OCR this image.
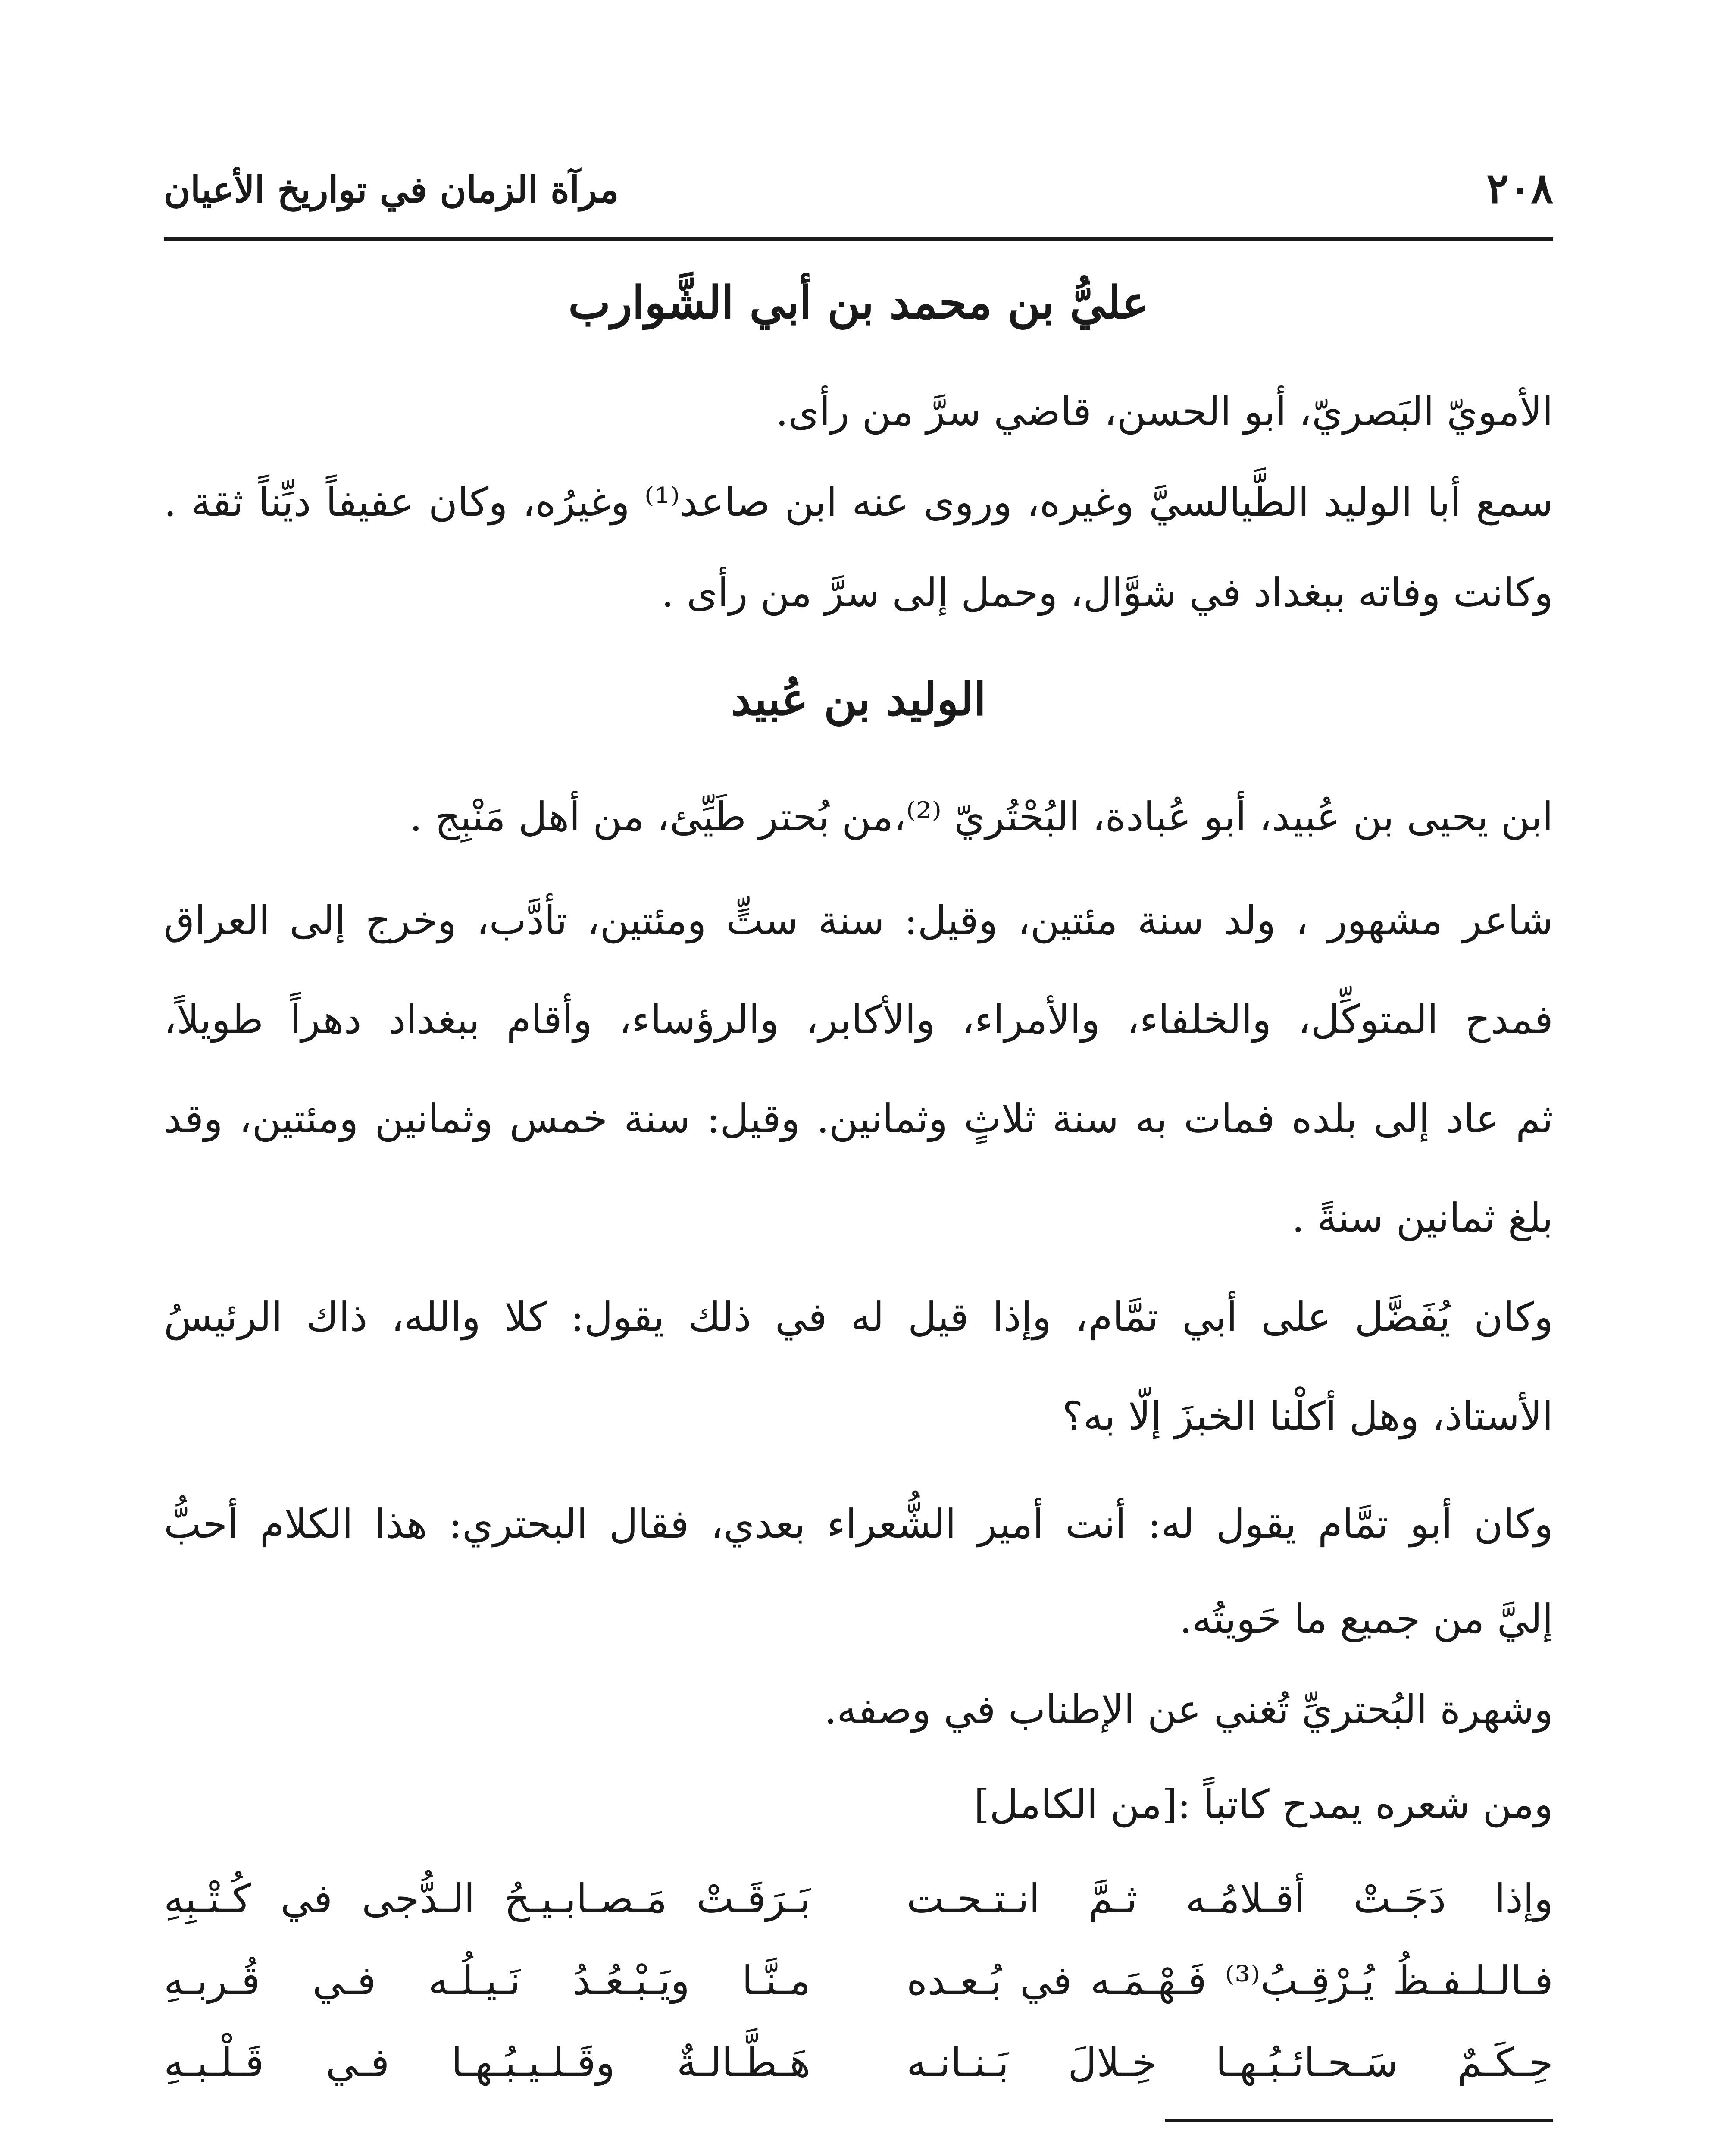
٢٠٨
مرآة الزمان في تواريخ الأعيان
عليُّ بن محمد بن أبي الشَّوارب
الأمويّ البَصريّ، أبو الحسن، قاضي سرَّ من رأى.
سمع أبا الوليد الطَّيالسيَّ وغيره، وروى عنه ابن صاعد⁽¹⁾ وغيرُه، وكان عفيفاً ديِّناً ثقة .
وكانت وفاته ببغداد في شوَّال، وحمل إلى سرَّ من رأى .
الوليد بن عُبيد
ابن يحيى بن عُبيد، أبو عُبادة، البُحْتُريّ ⁽²⁾،من بُحتر طَيِّئ، من أهل مَنْبِج .
شاعر مشهور ، ولد سنة مئتين، وقيل: سنة ستٍّ ومئتين، تأدَّب، وخرج إلى العراق
فمدح المتوكِّل، والخلفاء، والأمراء، والأكابر، والرؤساء، وأقام ببغداد دهراً طويلاً،
ثم عاد إلى بلده فمات به سنة ثلاثٍ وثمانين. وقيل: سنة خمس وثمانين ومئتين، وقد
بلغ ثمانين سنةً .
وكان يُفَضَّل على أبي تمَّام، وإذا قيل له في ذلك يقول: كلا والله، ذاك الرئيسُ
الأستاذ، وهل أكلْنا الخبزَ إلّا به؟
وكان أبو تمَّام يقول له: أنت أمير الشُّعراء بعدي، فقال البحتري: هذا الكلام أحبُّ
إليَّ من جميع ما حَويتُه.
وشهرة البُحتريِّ تُغني عن الإطناب في وصفه.
ومن شعره يمدح كاتباً :[من الكامل]
وإذا دَجَـتْ أقـلامُـه ثـمَّ انـتـحـت
بَـرَقَـتْ مَـصـابـيـحُ الـدُّجى في كُـتْـبِهِ
فـالـلـفـظُ يُـرْقِـبُ⁽³⁾ فَـهْـمَـه في بُـعـده
مـنَّـا ويَـبْـعُـدُ نَـيـلُـه فـي قُـربـهِ
حِـكَـمٌ سَـحـائـبُـهـا خِـلالَ بَـنـانـه
هَـطَّـالـةٌ وقَـلـيـبُـهـا فـي قَـلْـبـهِ
